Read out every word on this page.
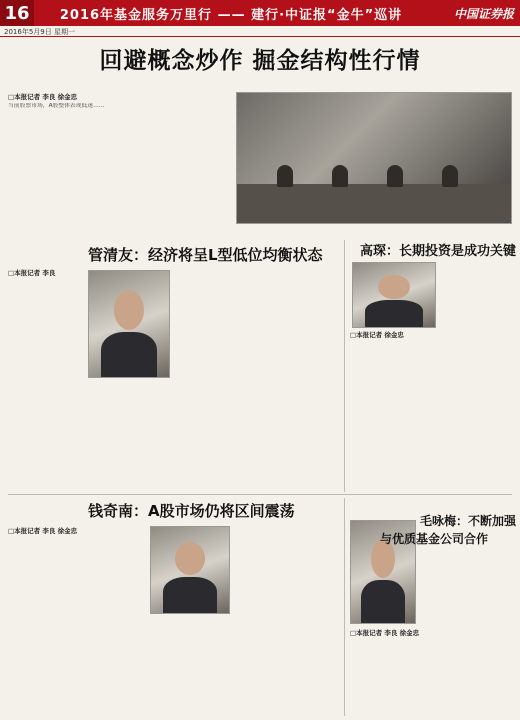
16	2016年基金服务万里行 —— 建行·中证报“金牛”巡讲	中国证券报
2016年5月9日 星期一
回避概念炒作 掘金结构性行情
□本报记者 李良 徐金忠
当前股票市场，A股整体表现低迷……
管清友：经济将呈L型低位均衡状态
□本报记者 李良
高琛：长期投资是成功关键
□本报记者 徐金忠
钱奇南：A股市场仍将区间震荡
□本报记者 李良 徐金忠
毛咏梅：不断加强
与优质基金公司合作
□本报记者 李良 徐金忠
